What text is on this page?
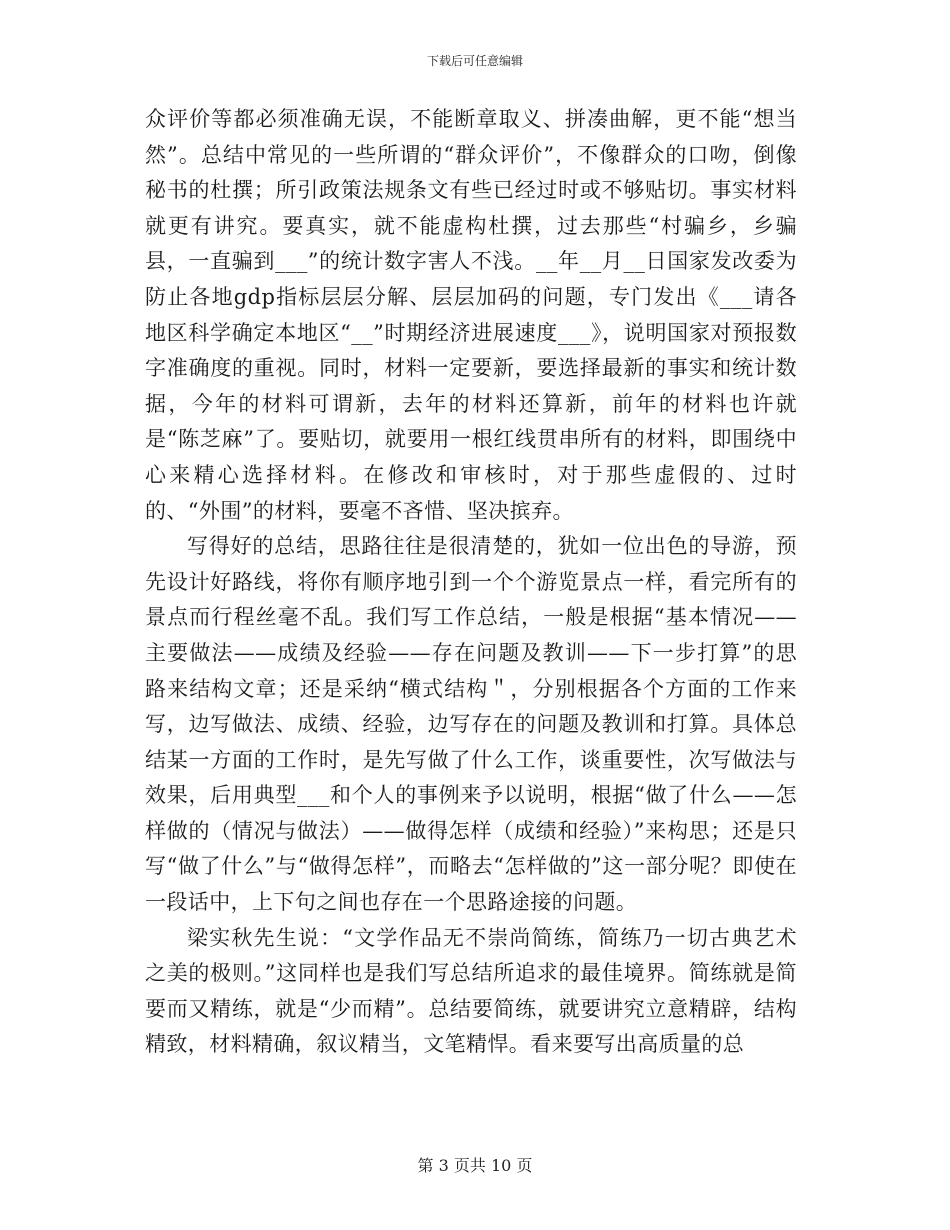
下载后可任意编辑

众评价等都必须准确无误，不能断章取义、拼凑曲解，更不能“想当然”。总结中常见的一些所谓的“群众评价”，不像群众的口吻，倒像秘书的杜撰；所引政策法规条文有些已经过时或不够贴切。事实材料就更有讲究。要真实，就不能虚构杜撰，过去那些“村骗乡，乡骗县，一直骗到___”的统计数字害人不浅。__年__月__日国家发改委为防止各地gdp指标层层分解、层层加码的问题，专门发出《___请各地区科学确定本地区“__”时期经济进展速度___》，说明国家对预报数字准确度的重视。同时，材料一定要新，要选择最新的事实和统计数据，今年的材料可谓新，去年的材料还算新，前年的材料也许就是“陈芝麻”了。要贴切，就要用一根红线贯串所有的材料，即围绕中心来精心选择材料。在修改和审核时，对于那些虚假的、过时的、“外围”的材料，要毫不吝惜、坚决摈弃。

写得好的总结，思路往往是很清楚的，犹如一位出色的导游，预先设计好路线，将你有顺序地引到一个个游览景点一样，看完所有的景点而行程丝毫不乱。我们写工作总结，一般是根据“基本情况——主要做法——成绩及经验——存在问题及教训——下一步打算”的思路来结构文章；还是采纳“横式结构＂，分别根据各个方面的工作来写，边写做法、成绩、经验，边写存在的问题及教训和打算。具体总结某一方面的工作时，是先写做了什么工作，谈重要性，次写做法与效果，后用典型___和个人的事例来予以说明，根据“做了什么——怎样做的（情况与做法）——做得怎样（成绩和经验）”来构思；还是只写“做了什么”与“做得怎样”，而略去“怎样做的”这一部分呢？即使在一段话中，上下句之间也存在一个思路途接的问题。

梁实秋先生说：“文学作品无不崇尚简练，简练乃一切古典艺术之美的极则。”这同样也是我们写总结所追求的最佳境界。简练就是简要而又精练，就是“少而精”。总结要简练，就要讲究立意精辟，结构精致，材料精确，叙议精当，文笔精悍。看来要写出高质量的总

第 3 页共 10 页
